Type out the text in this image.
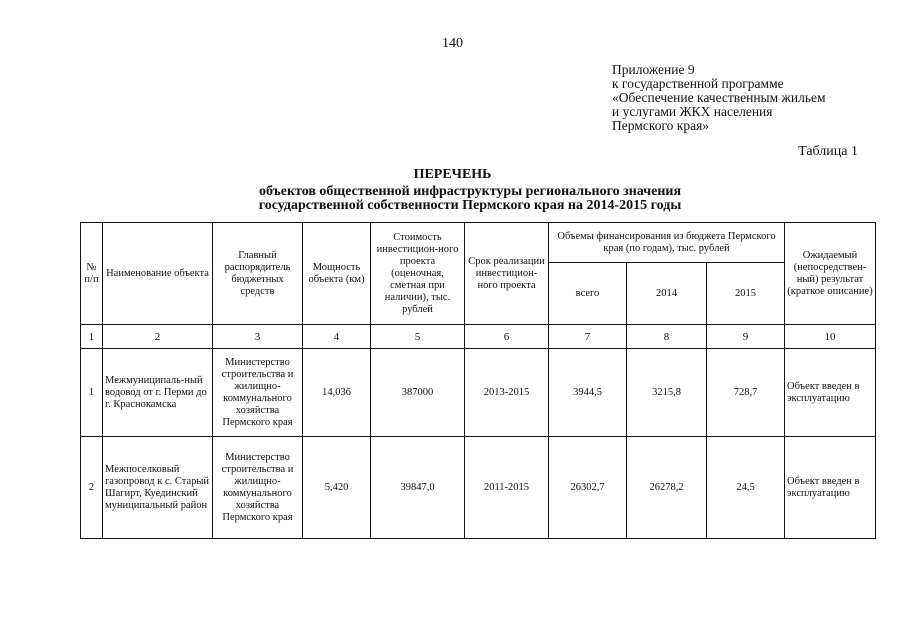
140
Приложение 9
к государственной программе
«Обеспечение качественным жильем
и услугами ЖКХ населения
Пермского края»
Таблица 1
ПЕРЕЧЕНЬ
объектов общественной инфраструктуры регионального значения
государственной собственности Пермского края на 2014-2015 годы
№ п/п	Наименование объекта	Главный распорядитель бюджетных средств	Мощность объекта (км)	Стоимость инвестицион-ного проекта (оценочная, сметная при наличии), тыс. рублей	Срок реализации инвестицион-ного проекта	Объемы финансирования из бюджета Пермского края (по годам), тыс. рублей			Ожидаемый (непосредствен-ный) результат (краткое описание)
						всего	2014	2015	
1	2	3	4	5	6	7	8	9	10
1	Межмуниципаль-ный водовод от г. Перми до г. Краснокамска	Министерство строительства и жилищно-коммунального хозяйства Пермского края	14,036	387000	2013-2015	3944,5	3215,8	728,7	Объект введен в эксплуатацию
2	Межпоселковый газопровод к с. Старый Шагирт, Куединский муниципальный район	Министерство строительства и жилищно-коммунального хозяйства Пермского края	5,420	39847,0	2011-2015	26302,7	26278,2	24,5	Объект введен в эксплуатацию
